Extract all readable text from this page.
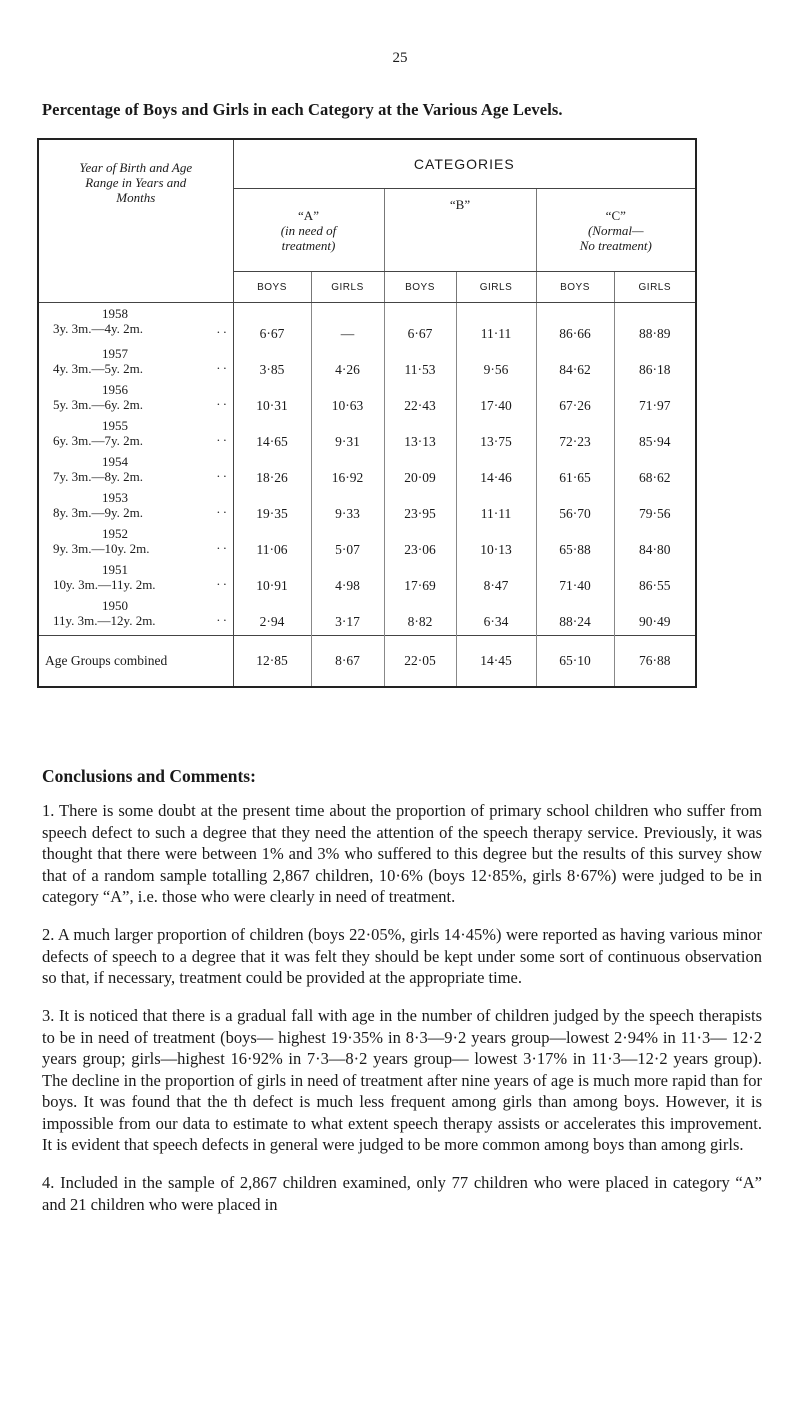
25
Percentage of Boys and Girls in each Category at the Various Age Levels.
Year of Birth and Age
Range in Years and
Months	CATEGORIES					
	“A”
(in need of
treatment)		“B”		“C”
(Normal—
No treatment)	
	BOYS	GIRLS	BOYS	GIRLS	BOYS	GIRLS

1958
3y. 3m.—4y. 2m. . .	6·67	—	6·67	11·11	86·66	88·89

1957
4y. 3m.—5y. 2m. . .	3·85	4·26	11·53	9·56	84·62	86·18

1956
5y. 3m.—6y. 2m. . .	10·31	10·63	22·43	17·40	67·26	71·97

1955
6y. 3m.—7y. 2m. . .	14·65	9·31	13·13	13·75	72·23	85·94

1954
7y. 3m.—8y. 2m. . .	18·26	16·92	20·09	14·46	61·65	68·62

1953
8y. 3m.—9y. 2m. . .	19·35	9·33	23·95	11·11	56·70	79·56

1952
9y. 3m.—10y. 2m. . .	11·06	5·07	23·06	10·13	65·88	84·80

1951
10y. 3m.—11y. 2m. . .	10·91	4·98	17·69	8·47	71·40	86·55

1950
11y. 3m.—12y. 2m. . .	2·94	3·17	8·82	6·34	88·24	90·49
Age Groups combined	12·85	8·67	22·05	14·45	65·10	76·88
Conclusions and Comments:

1. There is some doubt at the present time about the proportion of primary school children who suffer from speech defect to such a degree that they need the attention of the speech therapy service. Previously, it was thought that there were between 1% and 3% who suffered to this degree but the results of this survey show that of a random sample totalling 2,867 children, 10·6% (boys 12·85%, girls 8·67%) were judged to be in category “A”, i.e. those who were clearly in need of treatment.

2. A much larger proportion of children (boys 22·05%, girls 14·45%) were reported as having various minor defects of speech to a degree that it was felt they should be kept under some sort of continuous observation so that, if necessary, treatment could be provided at the appropriate time.

3. It is noticed that there is a gradual fall with age in the number of children judged by the speech therapists to be in need of treatment (boys— highest 19·35% in 8·3—9·2 years group—lowest 2·94% in 11·3— 12·2 years group; girls—highest 16·92% in 7·3—8·2 years group— lowest 3·17% in 11·3—12·2 years group). The decline in the proportion of girls in need of treatment after nine years of age is much more rapid than for boys. It was found that the th defect is much less frequent among girls than among boys. However, it is impossible from our data to estimate to what extent speech therapy assists or accelerates this improvement. It is evident that speech defects in general were judged to be more common among boys than among girls.

4. Included in the sample of 2,867 children examined, only 77 children who were placed in category “A” and 21 children who were placed in
